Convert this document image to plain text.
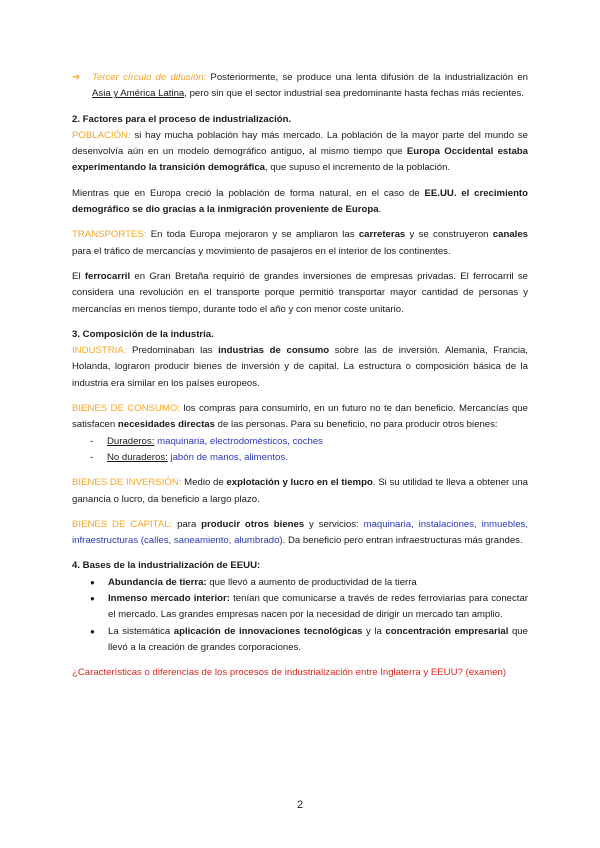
➔	Tercer círculo de difusión: Posteriormente, se produce una lenta difusión de la industrialización en Asia y América Latina, pero sin que el sector industrial sea predominante hasta fechas más recientes.

2. Factores para el proceso de industrialización.

POBLACIÓN: si hay mucha población hay más mercado. La población de la mayor parte del mundo se desenvolvía aún en un modelo demográfico antiguo, al mismo tiempo que Europa Occidental estaba experimentando la transición demográfica, que supuso el incremento de la población.

Mientras que en Europa creció la población de forma natural, en el caso de EE.UU. el crecimiento demográfico se dio gracias a la inmigración proveniente de Europa.

TRANSPORTES: En toda Europa mejoraron y se ampliaron las carreteras y se construyeron canales para el tráfico de mercancías y movimiento de pasajeros en el interior de los continentes.

El ferrocarril en Gran Bretaña requirió de grandes inversiones de empresas privadas. El ferrocarril se considera una revolución en el transporte porque permitió transportar mayor cantidad de personas y mercancías en menos tiempo, durante todo el año y con menor coste unitario.

3. Composición de la industria.

INDUSTRIA: Predominaban las industrias de consumo sobre las de inversión. Alemania, Francia, Holanda, lograron producir bienes de inversión y de capital. La estructura o composición básica de la industria era similar en los países europeos.

BIENES DE CONSUMO: los compras para consumirlo, en un futuro no te dan beneficio. Mercancías que satisfacen necesidades directas de las personas. Para su beneficio, no para producir otros bienes:

-	Duraderos: maquinaria, electrodomésticos, coches
-	No duraderos: jabón de manos, alimentos.

BIENES DE INVERSIÓN: Medio de explotación y lucro en el tiempo. Si su utilidad te lleva a obtener una ganancia o lucro, da beneficio a largo plazo.

BIENES DE CAPITAL: para producir otros bienes y servicios: maquinaria, instalaciones, inmuebles, infraestructuras (calles, saneamiento, alumbrado). Da beneficio pero entran infraestructuras más grandes.

4. Bases de la industrialización de EEUU:

●	Abundancia de tierra: que llevó a aumento de productividad de la tierra
●	Inmenso mercado interior: tenían que comunicarse a través de redes ferroviarias para conectar el mercado. Las grandes empresas nacen por la necesidad de dirigir un mercado tan amplio.
●	La sistemática aplicación de innovaciones tecnológicas y la concentración empresarial que llevó a la creación de grandes corporaciones.

¿Características o diferencias de los procesos de industrialización entre Inglaterra y EEUU? (examen)

2
